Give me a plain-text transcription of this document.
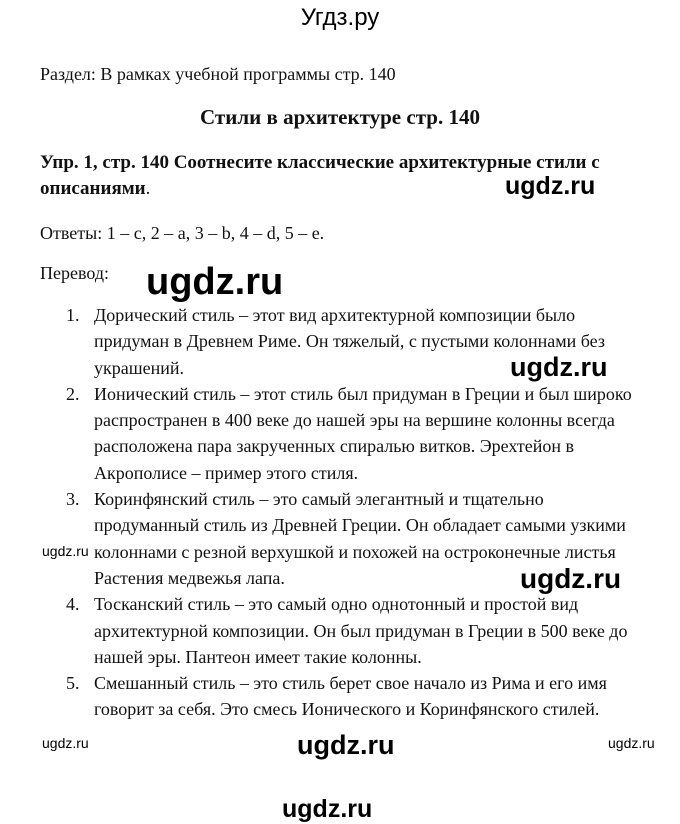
Угдз.ру
Раздел: В рамках учебной программы стр. 140
Стили в архитектуре стр. 140
Упр. 1, стр. 140 Соотнесите классические архитектурные стили с описаниями.
Ответы: 1 – c, 2 – a, 3 – b, 4 – d, 5 – e.
Перевод:
1. Дорический стиль – этот вид архитектурной композиции было придуман в Древнем Риме. Он тяжелый, с пустыми колоннами без украшений.
2. Ионический стиль – этот стиль был придуман в Греции и был широко распространен в 400 веке до нашей эры на вершине колонны всегда расположена пара закрученных спиралью витков. Эрехтейон в Акрополисе – пример этого стиля.
3. Коринфянский стиль – это самый элегантный и тщательно продуманный стиль из Древней Греции. Он обладает самыми узкими колоннами с резной верхушкой и похожей на остроконечные листья Растения медвежья лапа.
4. Тосканский стиль – это самый одно однотонный и простой вид архитектурной композиции. Он был придуман в Греции в 500 веке до нашей эры. Пантеон имеет такие колонны.
5. Смешанный стиль – это стиль берет свое начало из Рима и его имя говорит за себя. Это смесь Ионического и Коринфянского стилей.
ugdz.ru
ugdz.ru
ugdz.ru
ugdz.ru
ugdz.ru
ugdz.ru
ugdz.ru
ugdz.ru	ugdz.ru
